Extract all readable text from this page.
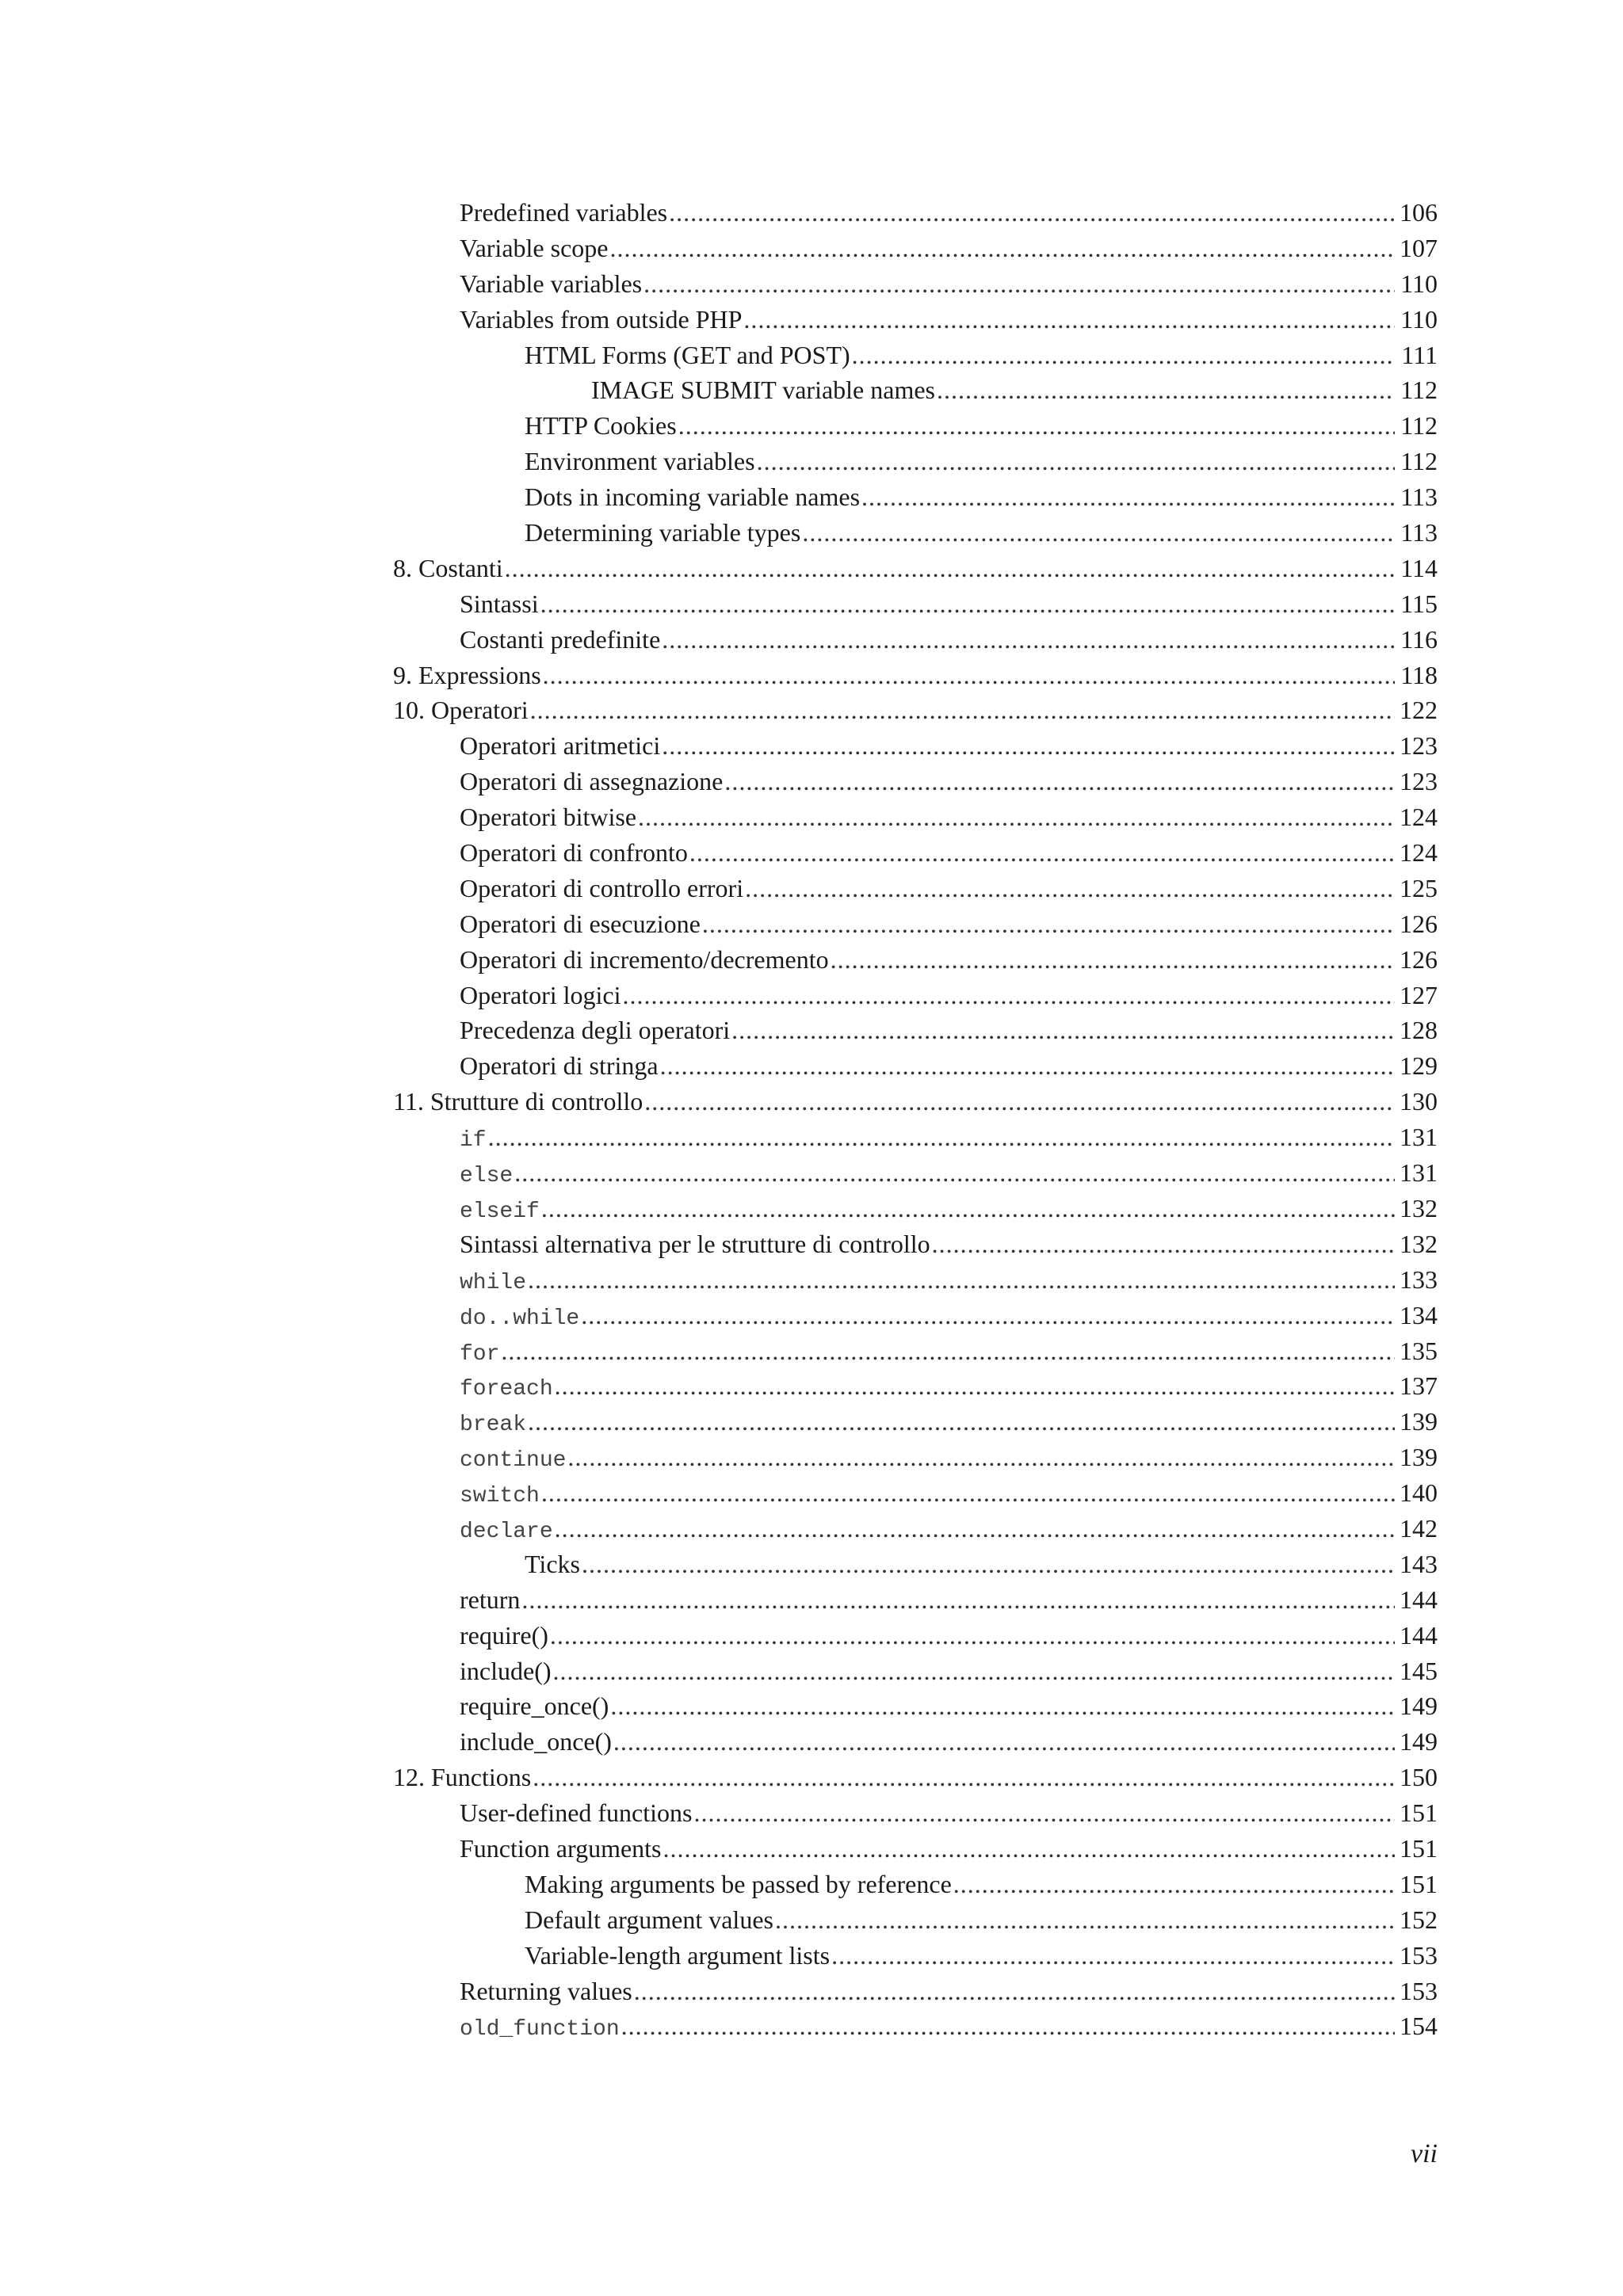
Predefined variables .....	106
Variable scope .....	107
Variable variables .....	110
Variables from outside PHP .....	110
HTML Forms (GET and POST) .....	111
IMAGE SUBMIT variable names .....	112
HTTP Cookies .....	112
Environment variables .....	112
Dots in incoming variable names .....	113
Determining variable types .....	113
8. Costanti .....	114
Sintassi .....	115
Costanti predefinite .....	116
9. Expressions .....	118
10. Operatori .....	122
Operatori aritmetici .....	123
Operatori di assegnazione .....	123
Operatori bitwise .....	124
Operatori di confronto .....	124
Operatori di controllo errori .....	125
Operatori di esecuzione .....	126
Operatori di incremento/decremento .....	126
Operatori logici .....	127
Precedenza degli operatori .....	128
Operatori di stringa .....	129
11. Strutture di controllo .....	130
if .....	131
else .....	131
elseif .....	132
Sintassi alternativa per le strutture di controllo .....	132
while .....	133
do..while .....	134
for .....	135
foreach .....	137
break .....	139
continue .....	139
switch .....	140
declare .....	142
Ticks .....	143
return .....	144
require() .....	144
include() .....	145
require_once() .....	149
include_once() .....	149
12. Functions .....	150
User-defined functions .....	151
Function arguments .....	151
Making arguments be passed by reference .....	151
Default argument values .....	152
Variable-length argument lists .....	153
Returning values .....	153
old_function .....	154
vii
